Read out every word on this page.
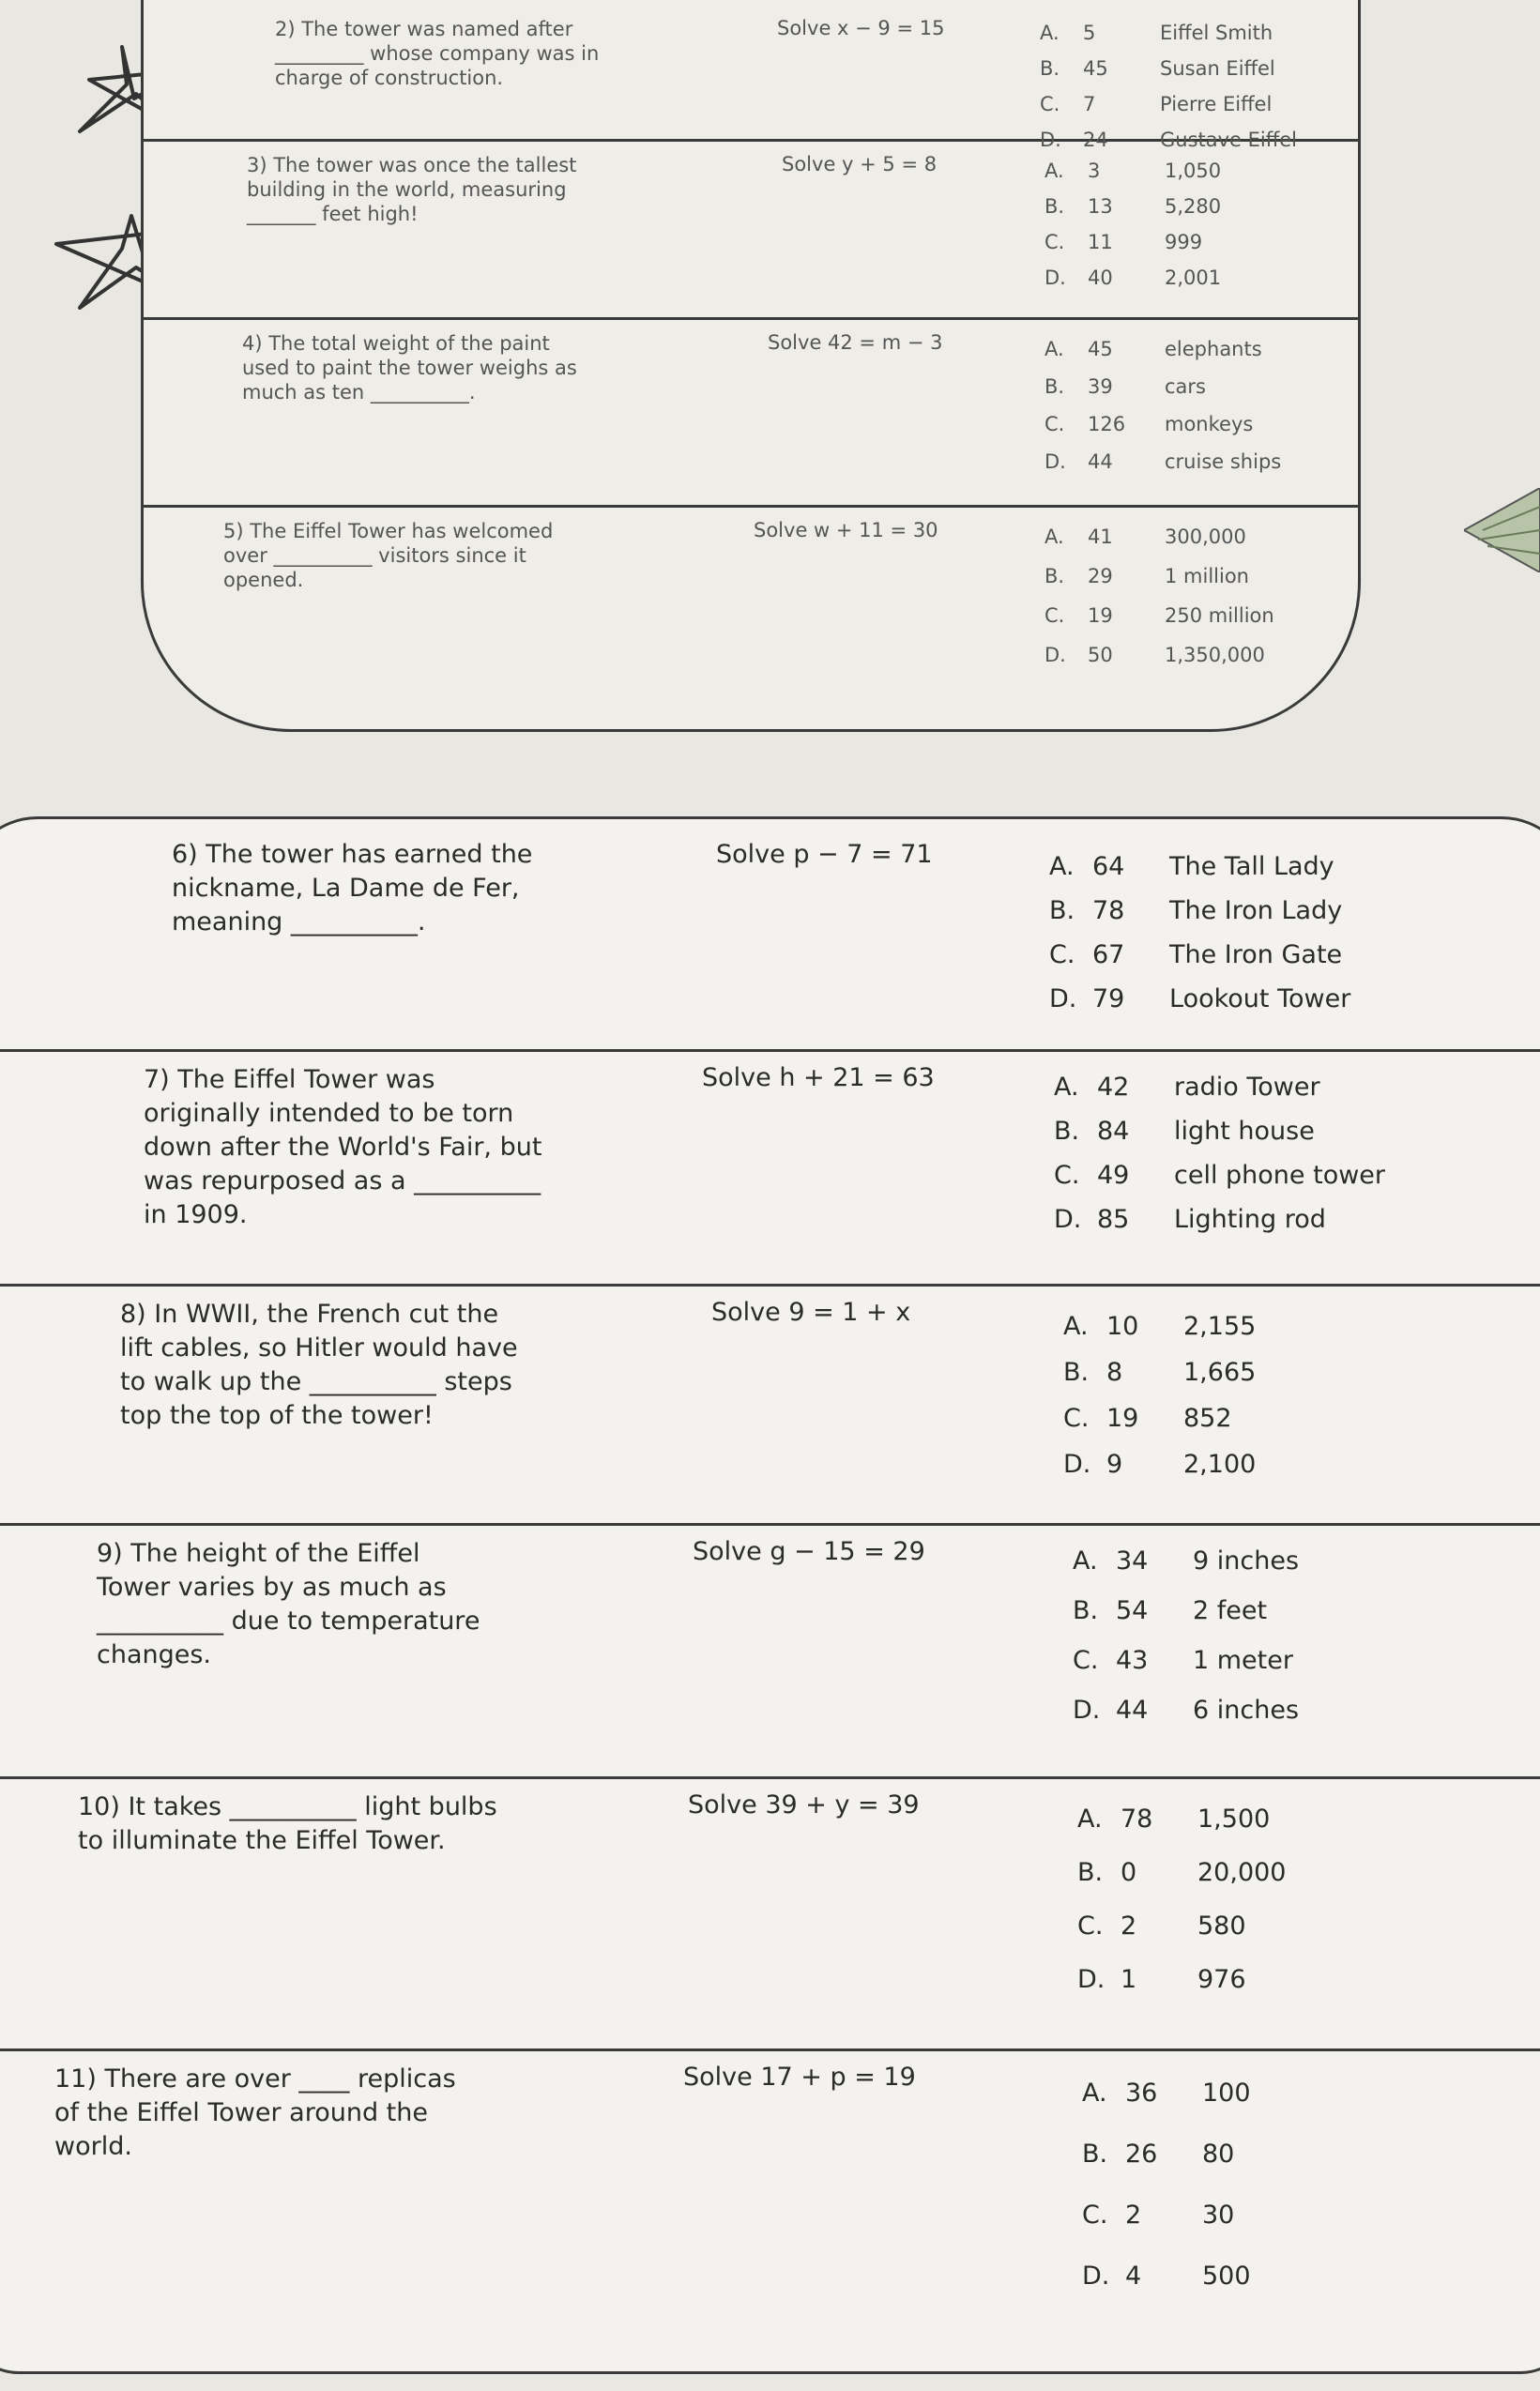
2) The tower was named after
_________ whose company was in
charge of construction.
Solve x − 9 = 15	A.	5	Eiffel Smith
B.	45	Susan Eiffel
C.	7	Pierre Eiffel
D.	24	Gustave Eiffel
3) The tower was once the tallest
building in the world, measuring
_______ feet high!
Solve y + 5 = 8	A.	3	1,050
B.	13	5,280
C.	11	999
D.	40	2,001
4) The total weight of the paint
used to paint the tower weighs as
much as ten __________.
Solve 42 = m − 3	A.	45	elephants
B.	39	cars
C.	126	monkeys
D.	44	cruise ships
5) The Eiffel Tower has welcomed
over __________ visitors since it
opened.
Solve w + 11 = 30	A.	41	300,000
B.	29	1 million
C.	19	250 million
D.	50	1,350,000
6) The tower has earned the
nickname, La Dame de Fer,
meaning __________.
Solve p − 7 = 71	A. 64	The Tall Lady
B. 78	The Iron Lady
C. 67	The Iron Gate
D. 79	Lookout Tower
7) The Eiffel Tower was
originally intended to be torn
down after the World's Fair, but
was repurposed as a __________
in 1909.
Solve h + 21 = 63	A. 42	radio Tower
B. 84	light house
C. 49	cell phone tower
D. 85	Lighting rod
8) In WWII, the French cut the
lift cables, so Hitler would have
to walk up the __________ steps
top the top of the tower!
Solve 9 = 1 + x	A. 10	2,155
B. 8	1,665
C. 19	852
D. 9	2,100
9) The height of the Eiffel
Tower varies by as much as
__________ due to temperature
changes.
Solve g − 15 = 29	A. 34	9 inches
B. 54	2 feet
C. 43	1 meter
D. 44	6 inches
10) It takes __________ light bulbs
to illuminate the Eiffel Tower.
Solve 39 + y = 39	A. 78	1,500
B. 0	20,000
C. 2	580
D. 1	976
11) There are over ____ replicas
of the Eiffel Tower around the
world.
Solve 17 + p = 19
A. 36	100
B. 26	80
C. 2	30
D. 4	500
